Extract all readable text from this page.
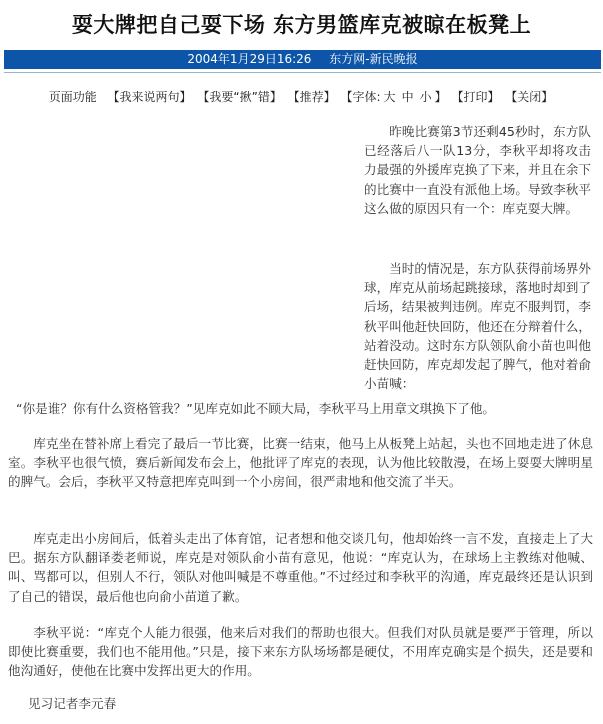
耍大牌把自己耍下场 东方男篮库克被晾在板凳上
2004年1月29日16:26 东方网-新民晚报
页面功能 【我来说两句】 【我要“揪”错】 【推荐】 【字体: 大 中 小 】 【打印】 【关闭】

昨晚比赛第3节还剩45秒时，东方队已经落后八一队13分，李秋平却将攻击力最强的外援库克换了下来，并且在余下的比赛中一直没有派他上场。导致李秋平这么做的原因只有一个：库克耍大牌。

当时的情况是，东方队获得前场界外球，库克从前场起跳接球，落地时却到了后场，结果被判违例。库克不服判罚，李秋平叫他赶快回防，他还在分辩着什么，站着没动。这时东方队领队俞小苗也叫他赶快回防，库克却发起了脾气，他对着俞小苗喊：

“你是谁？你有什么资格管我？”见库克如此不顾大局，李秋平马上用章文琪换下了他。

库克坐在替补席上看完了最后一节比赛，比赛一结束，他马上从板凳上站起，头也不回地走进了休息室。李秋平也很气愤，赛后新闻发布会上，他批评了库克的表现，认为他比较散漫，在场上耍耍大牌明星的脾气。会后，李秋平又特意把库克叫到一个小房间，很严肃地和他交流了半天。

库克走出小房间后，低着头走出了体育馆，记者想和他交谈几句，他却始终一言不发，直接走上了大巴。据东方队翻译娄老师说，库克是对领队俞小苗有意见，他说：“库克认为，在球场上主教练对他喊、叫、骂都可以，但别人不行，领队对他叫喊是不尊重他。”不过经过和李秋平的沟通，库克最终还是认识到了自己的错误，最后他也向俞小苗道了歉。

李秋平说：“库克个人能力很强，他来后对我们的帮助也很大。但我们对队员就是要严于管理，所以即使比赛重要，我们也不能用他。”只是，接下来东方队场场都是硬仗，不用库克确实是个损失，还是要和他沟通好，使他在比赛中发挥出更大的作用。

见习记者李元春
